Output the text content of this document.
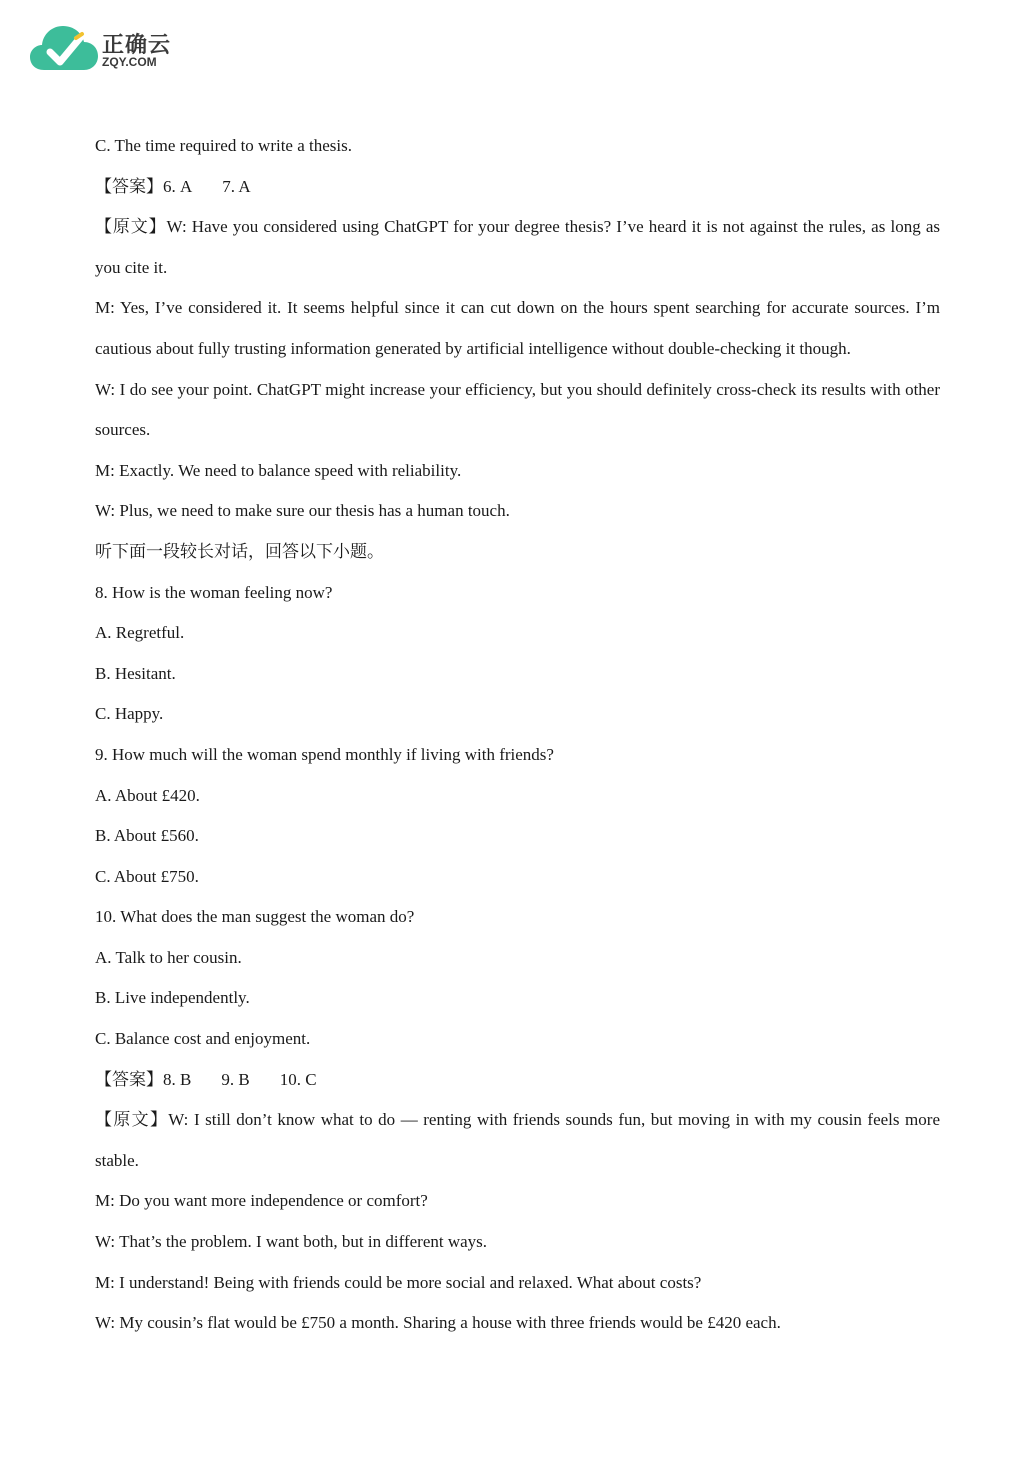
正确云
ZQY.COM
C. The time required to write a thesis.
【答案】6. A 7. A
【原文】W: Have you considered using ChatGPT for your degree thesis? I’ve heard it is not against the rules, as long as you cite it.
M: Yes, I’ve considered it. It seems helpful since it can cut down on the hours spent searching for accurate sources. I’m cautious about fully trusting information generated by artificial intelligence without double-checking it though.
W: I do see your point. ChatGPT might increase your efficiency, but you should definitely cross-check its results with other sources.
M: Exactly. We need to balance speed with reliability.
W: Plus, we need to make sure our thesis has a human touch.
听下面一段较长对话，回答以下小题。
8. How is the woman feeling now?
A. Regretful.
B. Hesitant.
C. Happy.
9. How much will the woman spend monthly if living with friends?
A. About £420.
B. About £560.
C. About £750.
10. What does the man suggest the woman do?
A. Talk to her cousin.
B. Live independently.
C. Balance cost and enjoyment.
【答案】8. B 9. B 10. C
【原文】W: I still don’t know what to do — renting with friends sounds fun, but moving in with my cousin feels more stable.
M: Do you want more independence or comfort?
W: That’s the problem. I want both, but in different ways.
M: I understand! Being with friends could be more social and relaxed. What about costs?
W: My cousin’s flat would be £750 a month. Sharing a house with three friends would be £420 each.
